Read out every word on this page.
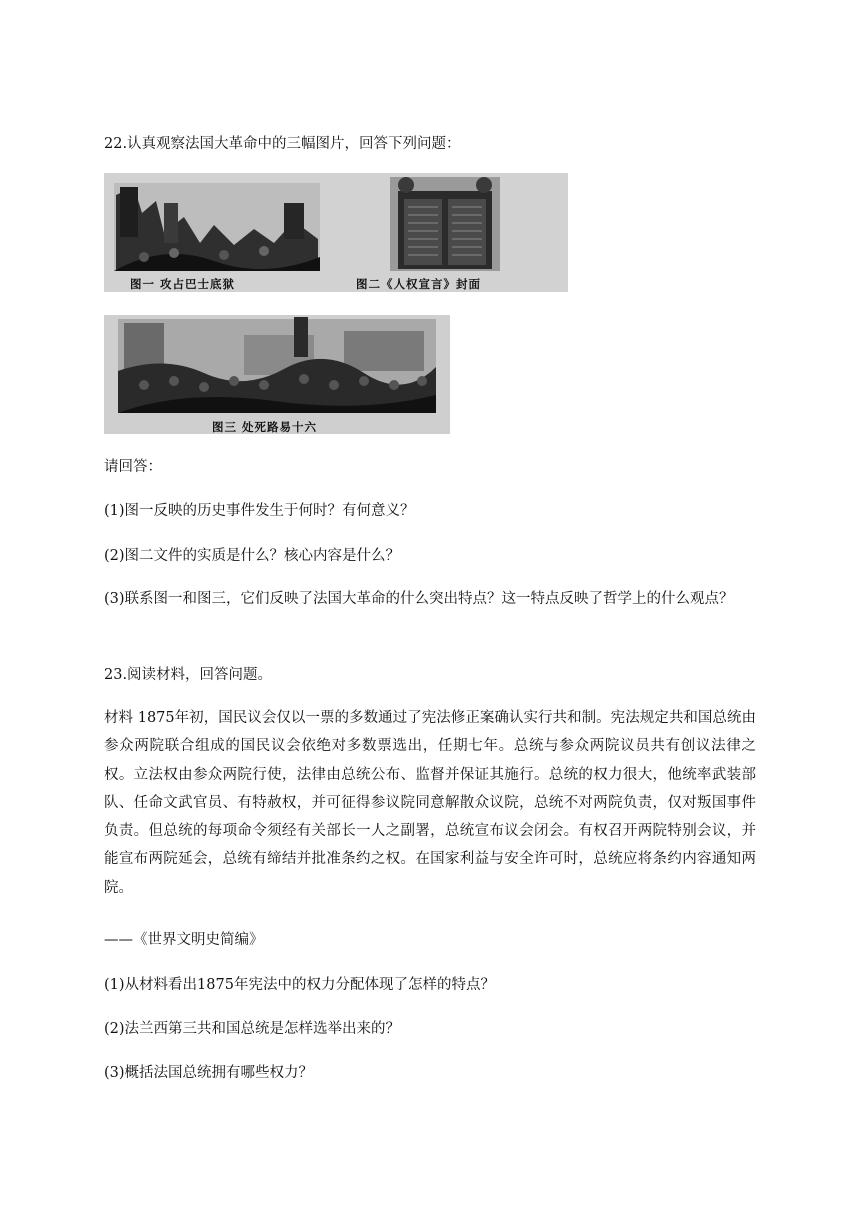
22.认真观察法国大革命中的三幅图片，回答下列问题：
图一 攻占巴士底狱	图二《人权宣言》封面
图三 处死路易十六
请回答：
(1)图一反映的历史事件发生于何时？有何意义？
(2)图二文件的实质是什么？核心内容是什么？
(3)联系图一和图三，它们反映了法国大革命的什么突出特点？这一特点反映了哲学上的什么观点？
23.阅读材料，回答问题。
材料 1875年初，国民议会仅以一票的多数通过了宪法修正案确认实行共和制。宪法规定共和国总统由参众两院联合组成的国民议会依绝对多数票选出，任期七年。总统与参众两院议员共有创议法律之权。立法权由参众两院行使，法律由总统公布、监督并保证其施行。总统的权力很大，他统率武装部队、任命文武官员、有特赦权，并可征得参议院同意解散众议院，总统不对两院负责，仅对叛国事件负责。但总统的每项命令须经有关部长一人之副署，总统宣布议会闭会。有权召开两院特别会议，并能宣布两院延会，总统有缔结并批准条约之权。在国家利益与安全许可时，总统应将条约内容通知两院。
——《世界文明史简编》
(1)从材料看出1875年宪法中的权力分配体现了怎样的特点？
(2)法兰西第三共和国总统是怎样选举出来的？
(3)概括法国总统拥有哪些权力？
